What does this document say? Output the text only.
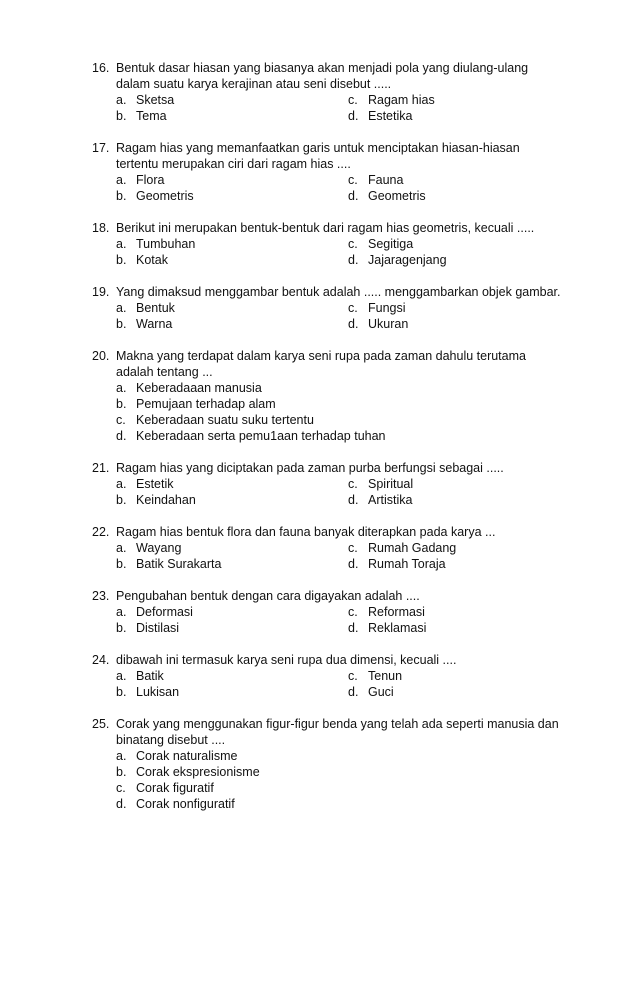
16. Bentuk dasar hiasan yang biasanya akan menjadi pola yang diulang-ulang dalam suatu karya kerajinan atau seni disebut .....
a. Sketsa	c. Ragam hias
b. Tema	d. Estetika
17. Ragam hias yang memanfaatkan garis untuk menciptakan hiasan-hiasan tertentu merupakan ciri dari ragam hias ....
a. Flora	c. Fauna
b. Geometris	d. Geometris
18. Berikut ini merupakan bentuk-bentuk dari ragam hias geometris, kecuali .....
a. Tumbuhan	c. Segitiga
b. Kotak	d. Jajaragenjang
19. Yang dimaksud menggambar bentuk adalah ..... menggambarkan objek gambar.
a. Bentuk	c. Fungsi
b. Warna	d. Ukuran
20. Makna yang terdapat dalam karya seni rupa pada zaman dahulu terutama adalah tentang ...
a. Keberadaaan manusia
b. Pemujaan terhadap alam
c. Keberadaan suatu suku tertentu
d. Keberadaan serta pemu1aan terhadap tuhan
21. Ragam hias yang diciptakan pada zaman purba berfungsi sebagai .....
a. Estetik	c. Spiritual
b. Keindahan	d. Artistika
22. Ragam hias bentuk flora dan fauna banyak diterapkan pada karya ...
a. Wayang	c. Rumah Gadang
b. Batik Surakarta	d. Rumah Toraja
23. Pengubahan bentuk dengan cara digayakan adalah ....
a. Deformasi	c. Reformasi
b. Distilasi	d. Reklamasi
24. dibawah ini termasuk karya seni rupa dua dimensi, kecuali ....
a. Batik	c. Tenun
b. Lukisan	d. Guci
25. Corak yang menggunakan figur-figur benda yang telah ada seperti manusia dan binatang disebut ....
a. Corak naturalisme
b. Corak ekspresionisme
c. Corak figuratif
d. Corak nonfiguratif
